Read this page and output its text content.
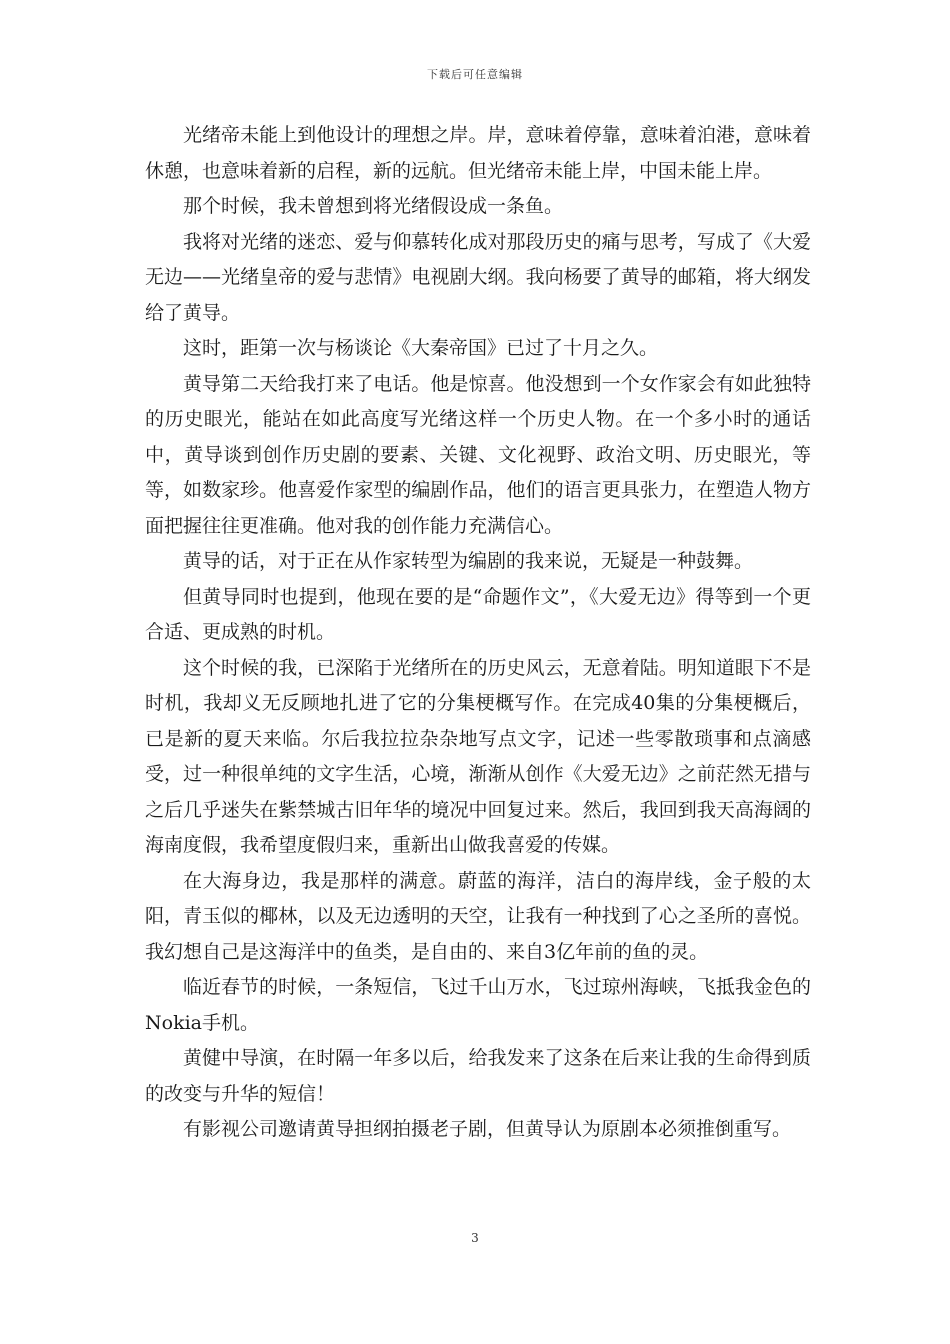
下载后可任意编辑

光绪帝未能上到他设计的理想之岸。岸，意味着停靠，意味着泊港，意味着休憩，也意味着新的启程，新的远航。但光绪帝未能上岸，中国未能上岸。

那个时候，我未曾想到将光绪假设成一条鱼。

我将对光绪的迷恋、爱与仰慕转化成对那段历史的痛与思考，写成了《大爱无边——光绪皇帝的爱与悲情》电视剧大纲。我向杨要了黄导的邮箱，将大纲发给了黄导。

这时，距第一次与杨谈论《大秦帝国》已过了十月之久。

黄导第二天给我打来了电话。他是惊喜。他没想到一个女作家会有如此独特的历史眼光，能站在如此高度写光绪这样一个历史人物。在一个多小时的通话中，黄导谈到创作历史剧的要素、关键、文化视野、政治文明、历史眼光，等等，如数家珍。他喜爱作家型的编剧作品，他们的语言更具张力，在塑造人物方面把握往往更准确。他对我的创作能力充满信心。

黄导的话，对于正在从作家转型为编剧的我来说，无疑是一种鼓舞。

但黄导同时也提到，他现在要的是“命题作文”，《大爱无边》得等到一个更合适、更成熟的时机。

这个时候的我，已深陷于光绪所在的历史风云，无意着陆。明知道眼下不是时机，我却义无反顾地扎进了它的分集梗概写作。在完成40集的分集梗概后，已是新的夏天来临。尔后我拉拉杂杂地写点文字，记述一些零散琐事和点滴感受，过一种很单纯的文字生活，心境，渐渐从创作《大爱无边》之前茫然无措与之后几乎迷失在紫禁城古旧年华的境况中回复过来。然后，我回到我天高海阔的海南度假，我希望度假归来，重新出山做我喜爱的传媒。

在大海身边，我是那样的满意。蔚蓝的海洋，洁白的海岸线，金子般的太阳，青玉似的椰林，以及无边透明的天空，让我有一种找到了心之圣所的喜悦。我幻想自己是这海洋中的鱼类，是自由的、来自3亿年前的鱼的灵。

临近春节的时候，一条短信，飞过千山万水，飞过琼州海峡，飞抵我金色的Nokia手机。

黄健中导演，在时隔一年多以后，给我发来了这条在后来让我的生命得到质的改变与升华的短信！

有影视公司邀请黄导担纲拍摄老子剧，但黄导认为原剧本必须推倒重写。

3
